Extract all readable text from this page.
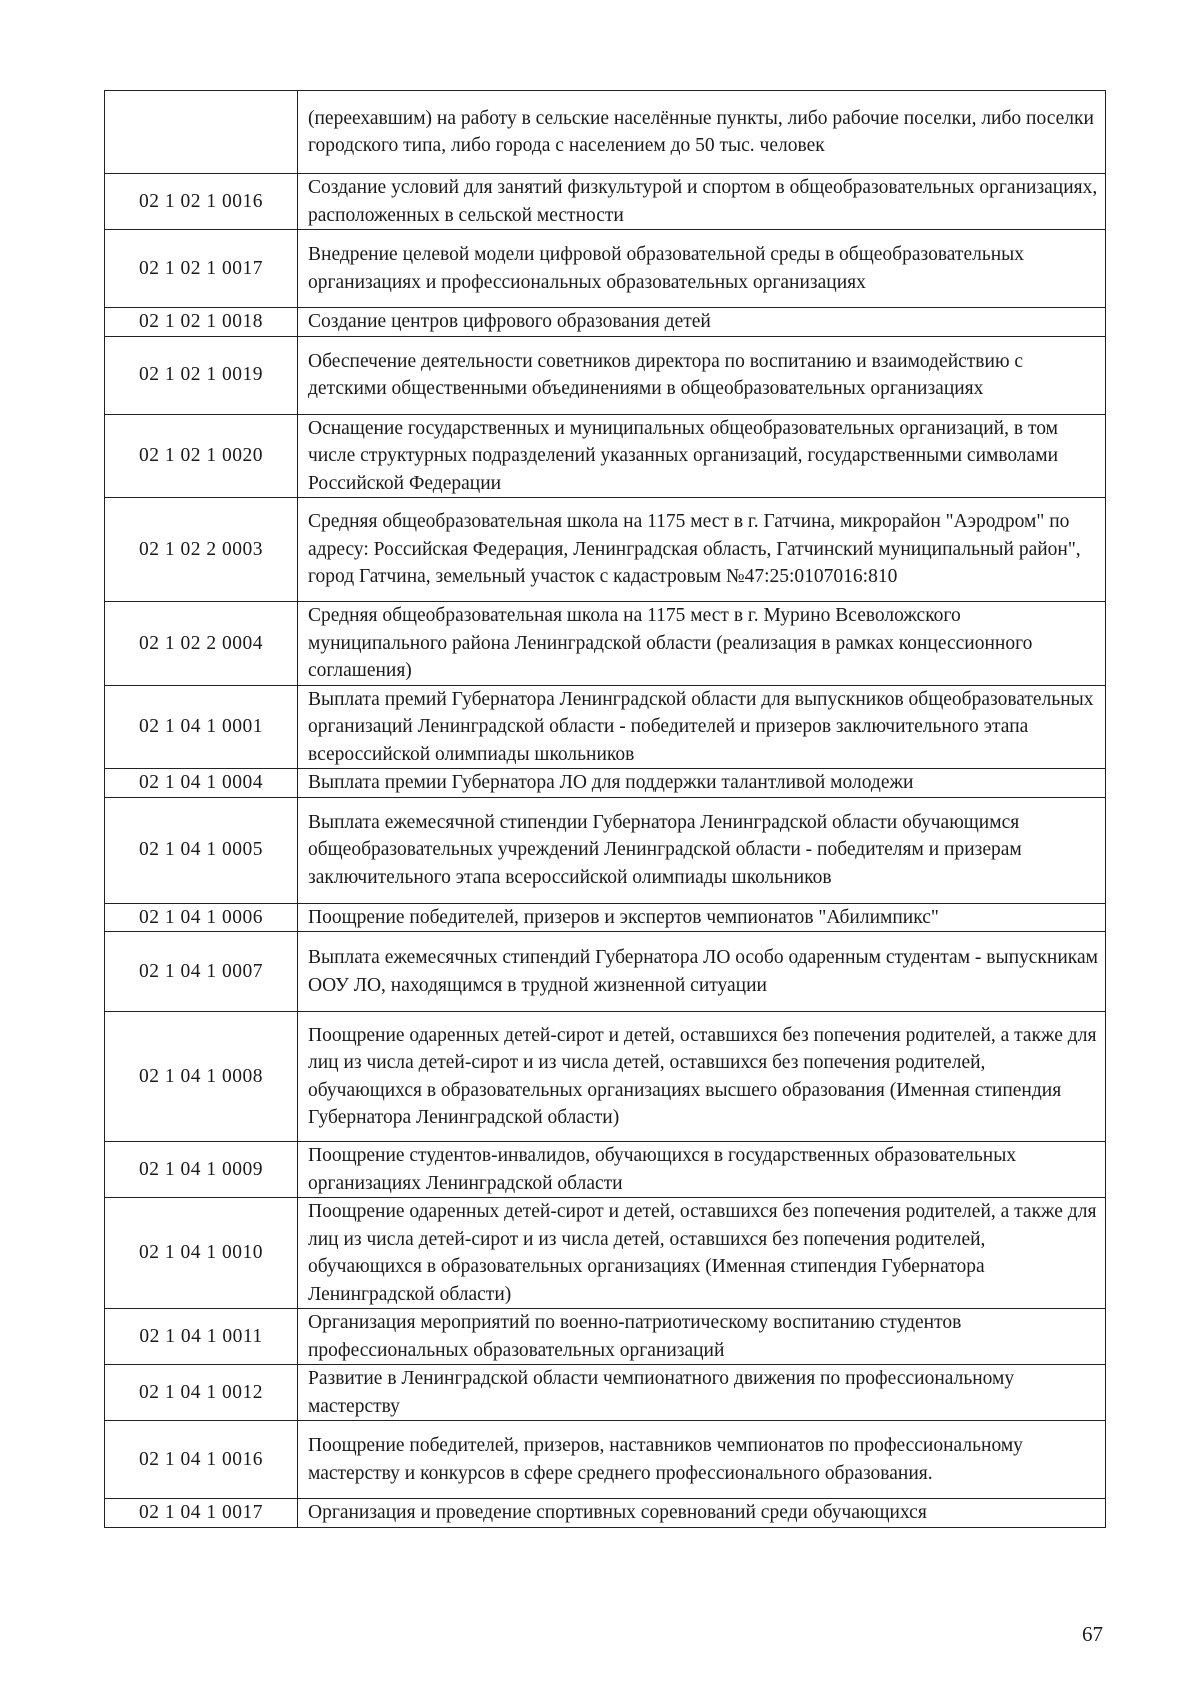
	(переехавшим) на работу в сельские населённые пункты, либо рабочие поселки, либо поселки городского типа, либо города с населением до 50 тыс. человек
02 1 02 1 0016	Создание условий для занятий физкультурой и спортом в общеобразовательных организациях, расположенных в сельской местности
02 1 02 1 0017	Внедрение целевой модели цифровой образовательной среды в общеобразовательных организациях и профессиональных образовательных организациях
02 1 02 1 0018	Создание центров цифрового образования детей
02 1 02 1 0019	Обеспечение деятельности советников директора по воспитанию и взаимодействию с детскими общественными объединениями в общеобразовательных организациях
02 1 02 1 0020	Оснащение государственных и муниципальных общеобразовательных организаций, в том числе структурных подразделений указанных организаций, государственными символами Российской Федерации
02 1 02 2 0003	Средняя общеобразовательная школа на 1175 мест в г. Гатчина, микрорайон "Аэродром" по адресу: Российская Федерация, Ленинградская область, Гатчинский муниципальный район", город Гатчина, земельный участок с кадастровым №47:25:0107016:810
02 1 02 2 0004	Средняя общеобразовательная школа на 1175 мест в г. Мурино Всеволожского муниципального района Ленинградской области (реализация в рамках концессионного соглашения)
02 1 04 1 0001	Выплата премий Губернатора Ленинградской области для выпускников общеобразовательных организаций Ленинградской области - победителей и призеров заключительного этапа всероссийской олимпиады школьников
02 1 04 1 0004	Выплата премии Губернатора ЛО для поддержки талантливой молодежи
02 1 04 1 0005	Выплата ежемесячной стипендии Губернатора Ленинградской области обучающимся общеобразовательных учреждений Ленинградской области - победителям и призерам заключительного этапа всероссийской олимпиады школьников
02 1 04 1 0006	Поощрение победителей, призеров и экспертов чемпионатов "Абилимпикс"
02 1 04 1 0007	Выплата ежемесячных стипендий Губернатора ЛО особо одаренным студентам - выпускникам ООУ ЛО, находящимся в трудной жизненной ситуации
02 1 04 1 0008	Поощрение одаренных детей-сирот и детей, оставшихся без попечения родителей, а также для лиц из числа детей-сирот и из числа детей, оставшихся без попечения родителей, обучающихся в образовательных организациях высшего образования (Именная стипендия Губернатора Ленинградской области)
02 1 04 1 0009	Поощрение студентов-инвалидов, обучающихся в государственных образовательных организациях Ленинградской области
02 1 04 1 0010	Поощрение одаренных детей-сирот и детей, оставшихся без попечения родителей, а также для лиц из числа детей-сирот и из числа детей, оставшихся без попечения родителей, обучающихся в образовательных организациях (Именная стипендия Губернатора Ленинградской области)
02 1 04 1 0011	Организация мероприятий по военно-патриотическому воспитанию студентов профессиональных образовательных организаций
02 1 04 1 0012	Развитие в Ленинградской области чемпионатного движения по профессиональному мастерству
02 1 04 1 0016	Поощрение победителей, призеров, наставников чемпионатов по профессиональному мастерству и конкурсов в сфере среднего профессионального образования.
02 1 04 1 0017	Организация и проведение спортивных соревнований среди обучающихся
67
